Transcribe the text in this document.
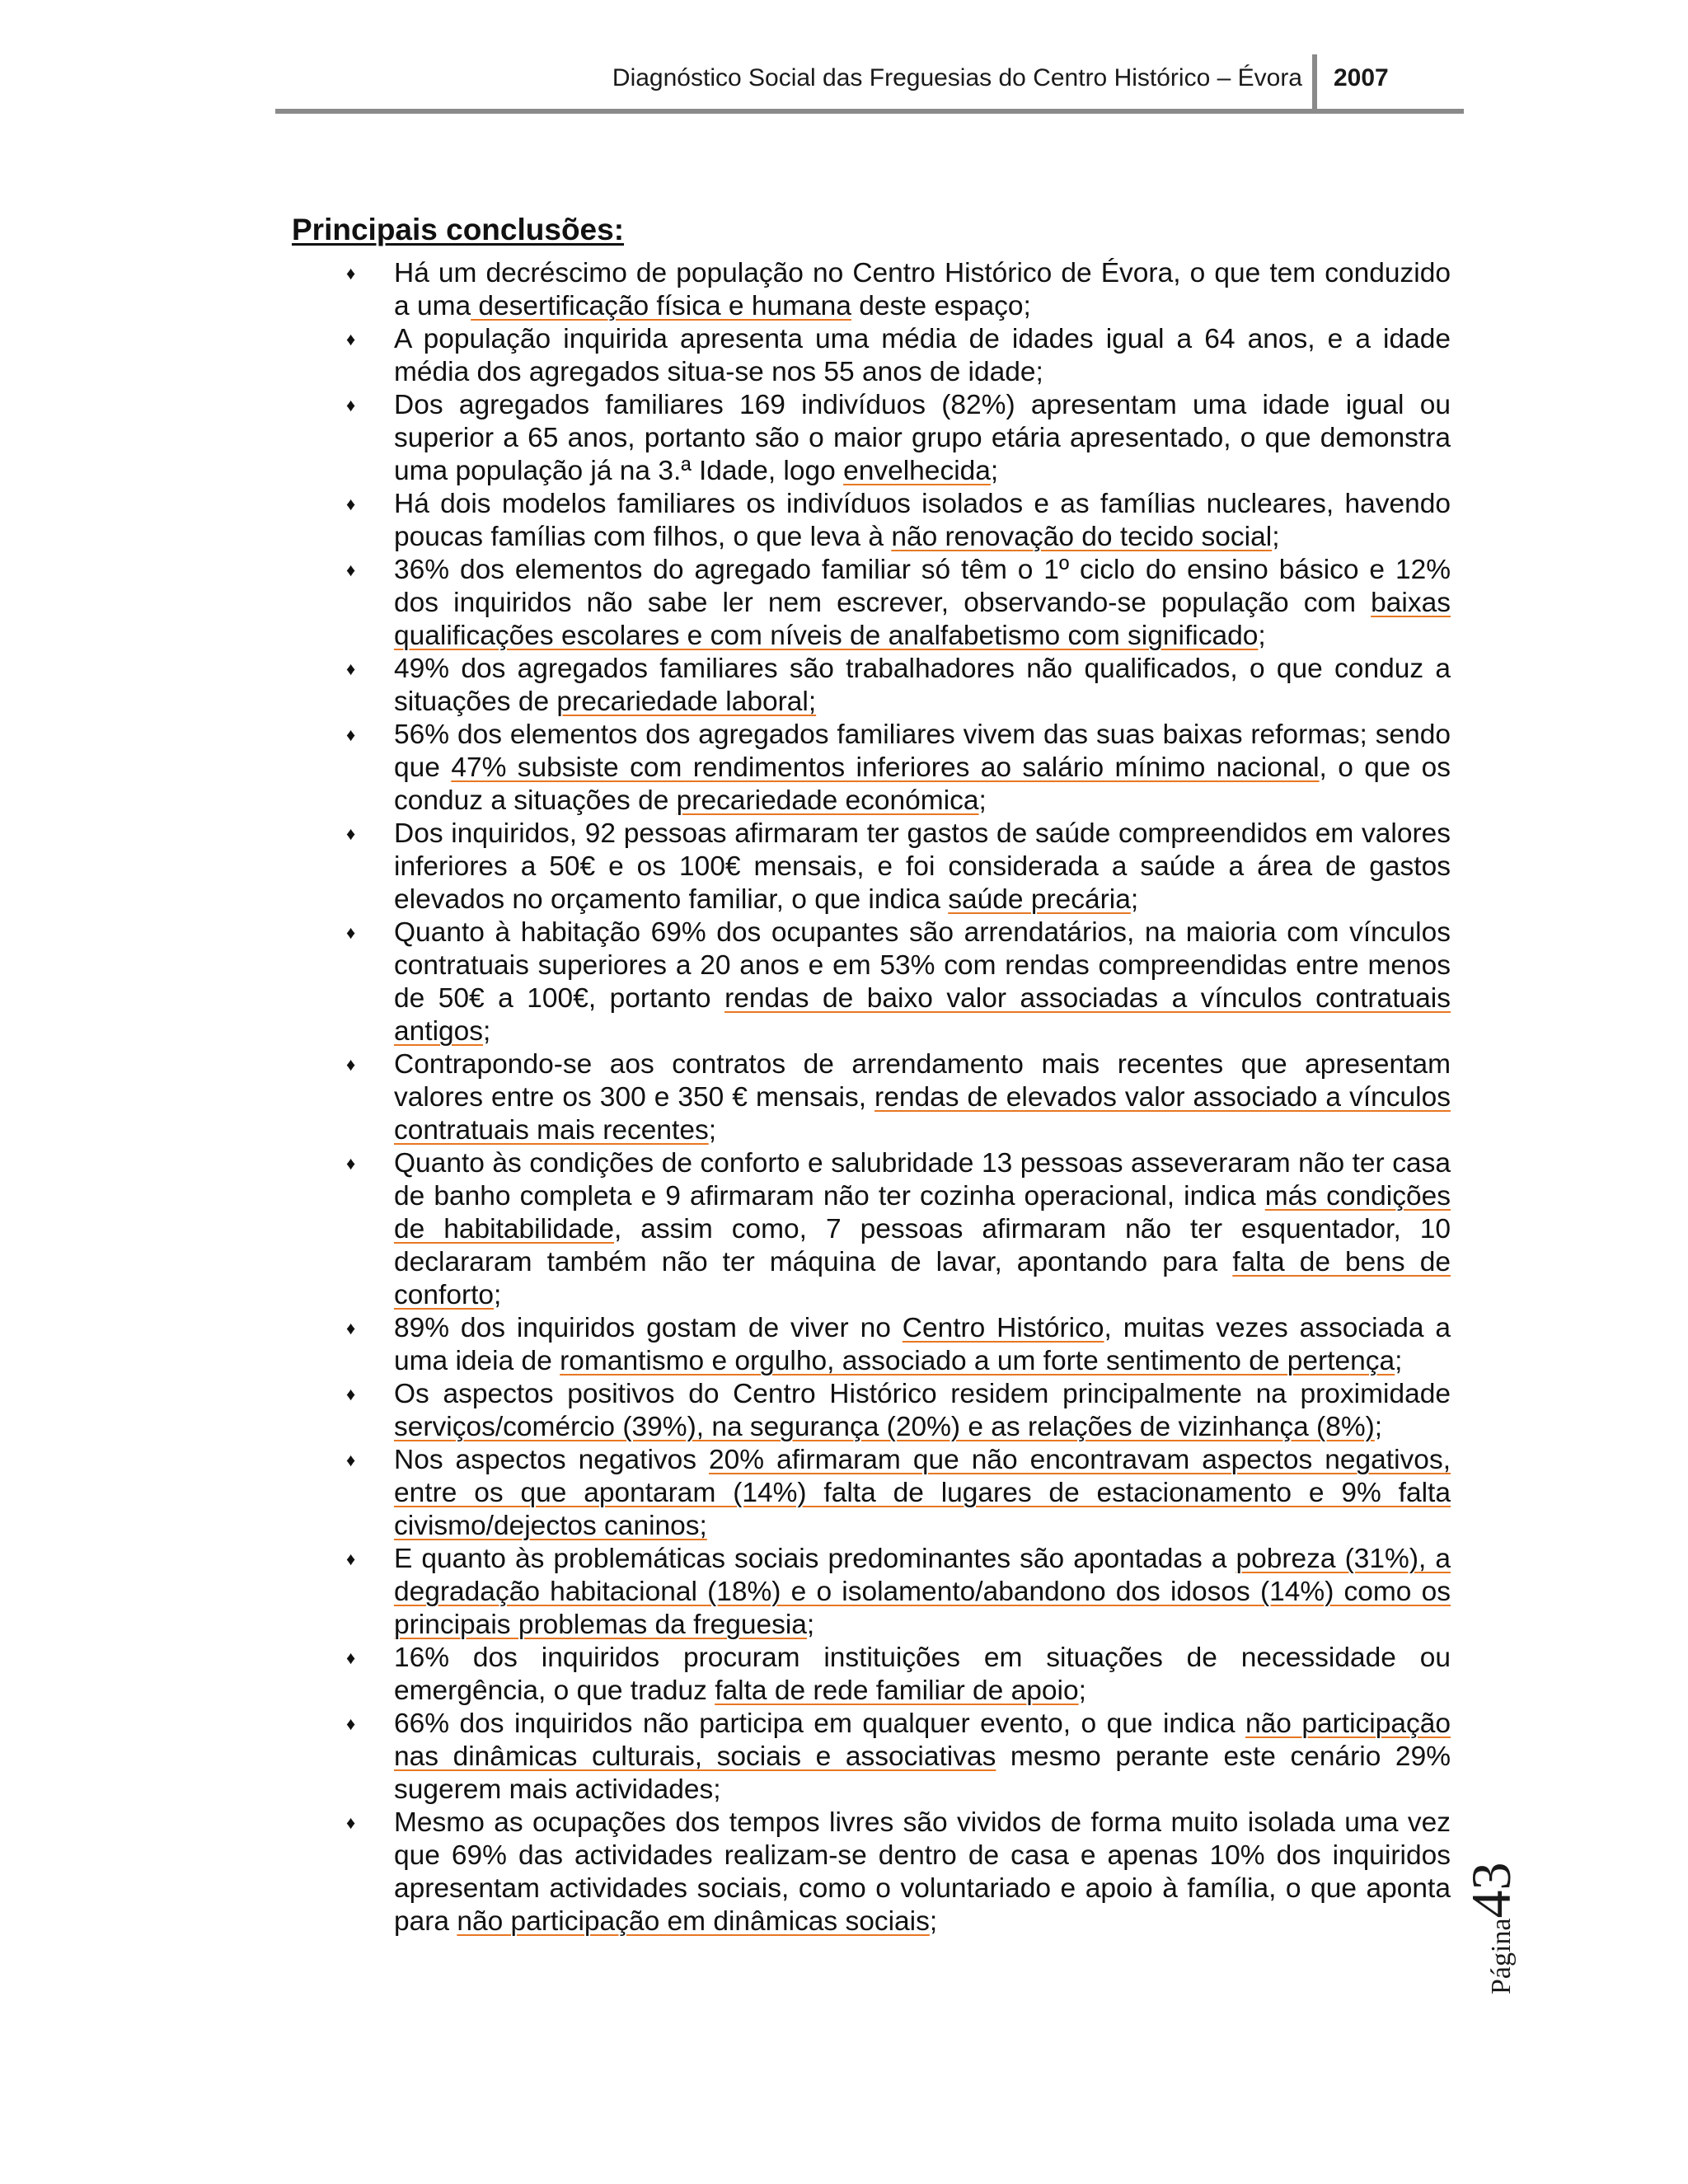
Diagnóstico Social das Freguesias do Centro Histórico – Évora 2007
Principais conclusões:
♦ Há um decréscimo de população no Centro Histórico de Évora, o que tem conduzido a uma desertificação física e humana deste espaço;
♦ A população inquirida apresenta uma média de idades igual a 64 anos, e a idade média dos agregados situa-se nos 55 anos de idade;
♦ Dos agregados familiares 169 indivíduos (82%) apresentam uma idade igual ou superior a 65 anos, portanto são o maior grupo etária apresentado, o que demonstra uma população já na 3.ª Idade, logo envelhecida;
♦ Há dois modelos familiares os indivíduos isolados e as famílias nucleares, havendo poucas famílias com filhos, o que leva à não renovação do tecido social;
♦ 36% dos elementos do agregado familiar só têm o 1º ciclo do ensino básico e 12% dos inquiridos não sabe ler nem escrever, observando-se população com baixas qualificações escolares e com níveis de analfabetismo com significado;
♦ 49% dos agregados familiares são trabalhadores não qualificados, o que conduz a situações de precariedade laboral;
♦ 56% dos elementos dos agregados familiares vivem das suas baixas reformas; sendo que 47% subsiste com rendimentos inferiores ao salário mínimo nacional, o que os conduz a situações de precariedade económica;
♦ Dos inquiridos, 92 pessoas afirmaram ter gastos de saúde compreendidos em valores inferiores a 50€ e os 100€ mensais, e foi considerada a saúde a área de gastos elevados no orçamento familiar, o que indica saúde precária;
♦ Quanto à habitação 69% dos ocupantes são arrendatários, na maioria com vínculos contratuais superiores a 20 anos e em 53% com rendas compreendidas entre menos de 50€ a 100€, portanto rendas de baixo valor associadas a vínculos contratuais antigos;
♦ Contrapondo-se aos contratos de arrendamento mais recentes que apresentam valores entre os 300 e 350 € mensais, rendas de elevados valor associado a vínculos contratuais mais recentes;
♦ Quanto às condições de conforto e salubridade 13 pessoas asseveraram não ter casa de banho completa e 9 afirmaram não ter cozinha operacional, indica más condições de habitabilidade, assim como, 7 pessoas afirmaram não ter esquentador, 10 declararam também não ter máquina de lavar, apontando para falta de bens de conforto;
♦ 89% dos inquiridos gostam de viver no Centro Histórico, muitas vezes associada a uma ideia de romantismo e orgulho, associado a um forte sentimento de pertença;
♦ Os aspectos positivos do Centro Histórico residem principalmente na proximidade serviços/comércio (39%), na segurança (20%) e as relações de vizinhança (8%);
♦ Nos aspectos negativos 20% afirmaram que não encontravam aspectos negativos, entre os que apontaram (14%) falta de lugares de estacionamento e 9% falta civismo/dejectos caninos;
♦ E quanto às problemáticas sociais predominantes são apontadas a pobreza (31%), a degradação habitacional (18%) e o isolamento/abandono dos idosos (14%) como os principais problemas da freguesia;
♦ 16% dos inquiridos procuram instituições em situações de necessidade ou emergência, o que traduz falta de rede familiar de apoio;
♦ 66% dos inquiridos não participa em qualquer evento, o que indica não participação nas dinâmicas culturais, sociais e associativas mesmo perante este cenário 29% sugerem mais actividades;
♦ Mesmo as ocupações dos tempos livres são vividos de forma muito isolada uma vez que 69% das actividades realizam-se dentro de casa e apenas 10% dos inquiridos apresentam actividades sociais, como o voluntariado e apoio à família, o que aponta para não participação em dinâmicas sociais;	Página43
